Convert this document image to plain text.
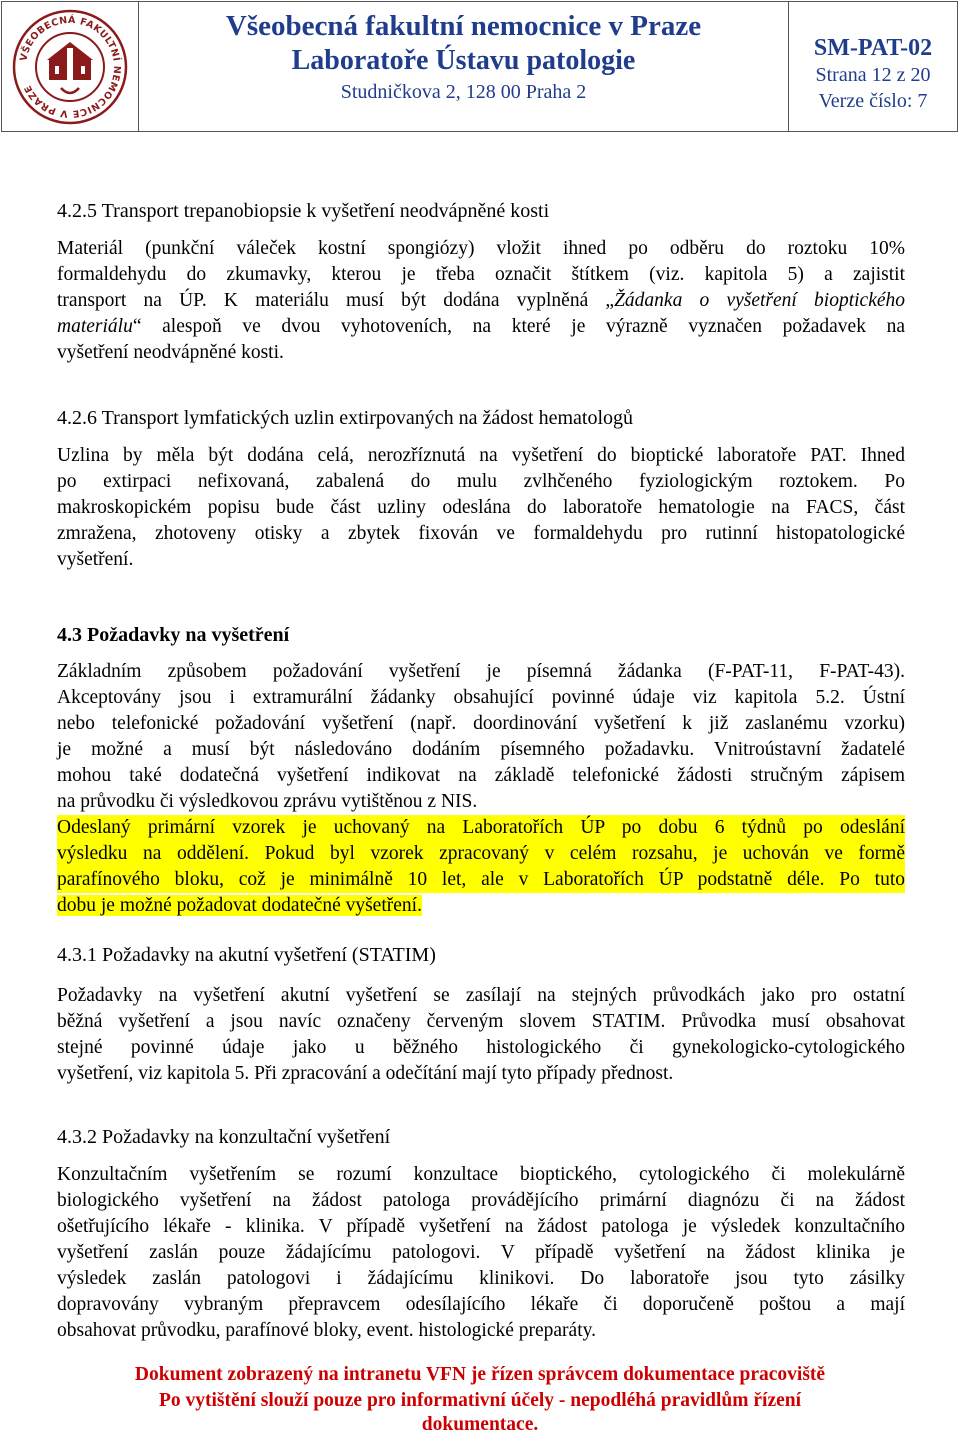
VŠEOBECNÁ FAKULTNÍ NEMOCNICE V PRAZE
Všeobecná fakultní nemocnice v Praze
Laboratoře Ústavu patologie
Studničkova 2, 128 00 Praha 2
SM-PAT-02
Strana 12 z 20
Verze číslo: 7
4.2.5 Transport trepanobiopsie k vyšetření neodvápněné kosti
Materiál (punkční váleček kostní spongiózy) vložit ihned po odběru do roztoku 10%
formaldehydu do zkumavky, kterou je třeba označit štítkem (viz. kapitola 5) a zajistit
transport na ÚP. K materiálu musí být dodána vyplněná „Žádanka o vyšetření bioptického
materiálu“ alespoň ve dvou vyhotoveních, na které je výrazně vyznačen požadavek na
vyšetření neodvápněné kosti.
4.2.6 Transport lymfatických uzlin extirpovaných na žádost hematologů
Uzlina by měla být dodána celá, nerozříznutá na vyšetření do bioptické laboratoře PAT. Ihned
po extirpaci nefixovaná, zabalená do mulu zvlhčeného fyziologickým roztokem. Po
makroskopickém popisu bude část uzliny odeslána do laboratoře hematologie na FACS, část
zmražena, zhotoveny otisky a zbytek fixován ve formaldehydu pro rutinní histopatologické
vyšetření.
4.3 Požadavky na vyšetření
Základním způsobem požadování vyšetření je písemná žádanka (F-PAT-11, F-PAT-43).
Akceptovány jsou i extramurální žádanky obsahující povinné údaje viz kapitola 5.2. Ústní
nebo telefonické požadování vyšetření (např. doordinování vyšetření k již zaslanému vzorku)
je možné a musí být následováno dodáním písemného požadavku. Vnitroústavní žadatelé
mohou také dodatečná vyšetření indikovat na základě telefonické žádosti stručným zápisem
na průvodku či výsledkovou zprávu vytištěnou z NIS.
Odeslaný primární vzorek je uchovaný na Laboratořích ÚP po dobu 6 týdnů po odeslání
výsledku na oddělení. Pokud byl vzorek zpracovaný v celém rozsahu, je uchován ve formě
parafínového bloku, což je minimálně 10 let, ale v Laboratořích ÚP podstatně déle. Po tuto
dobu je možné požadovat dodatečné vyšetření.
4.3.1 Požadavky na akutní vyšetření (STATIM)
Požadavky na vyšetření akutní vyšetření se zasílají na stejných průvodkách jako pro ostatní
běžná vyšetření a jsou navíc označeny červeným slovem STATIM. Průvodka musí obsahovat
stejné povinné údaje jako u běžného histologického či gynekologicko-cytologického
vyšetření, viz kapitola 5. Při zpracování a odečítání mají tyto případy přednost.
4.3.2 Požadavky na konzultační vyšetření
Konzultačním vyšetřením se rozumí konzultace bioptického, cytologického či molekulárně
biologického vyšetření na žádost patologa provádějícího primární diagnózu či na žádost
ošetřujícího lékaře - klinika. V případě vyšetření na žádost patologa je výsledek konzultačního
vyšetření zaslán pouze žádajícímu patologovi. V případě vyšetření na žádost klinika je
výsledek zaslán patologovi i žádajícímu klinikovi. Do laboratoře jsou tyto zásilky
dopravovány vybraným přepravcem odesílajícího lékaře či doporučeně poštou a mají
obsahovat průvodku, parafínové bloky, event. histologické preparáty.
Dokument zobrazený na intranetu VFN je řízen správcem dokumentace pracoviště
Po vytištění slouží pouze pro informativní účely - nepodléhá pravidlům řízení
dokumentace.
